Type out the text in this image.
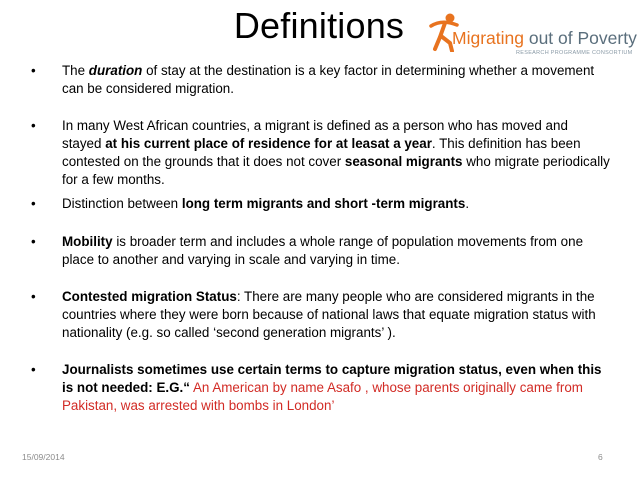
Definitions	Migrating out of Poverty
RESEARCH PROGRAMME CONSORTIUM
• The duration of stay at the destination is a key factor in determining whether a movement can be considered migration.
• In many West African countries, a migrant is defined as a person who has moved and stayed at his current place of residence for at leasat a year. This definition has been contested on the grounds that it does not cover seasonal migrants who migrate periodically for a few months.
• Distinction between long term migrants and short -term migrants.
• Mobility is broader term and includes a whole range of population movements from one place to another and varying in scale and varying in time.
• Contested migration Status: There are many people who are considered migrants in the countries where they were born because of national laws that equate migration status with nationality (e.g. so called ‘second generation migrants’ ).
• Journalists sometimes use certain terms to capture migration status, even when this is not needed: E.G.“ An American by name Asafo , whose parents originally came from Pakistan, was arrested with bombs in London’
15/09/2014	6
